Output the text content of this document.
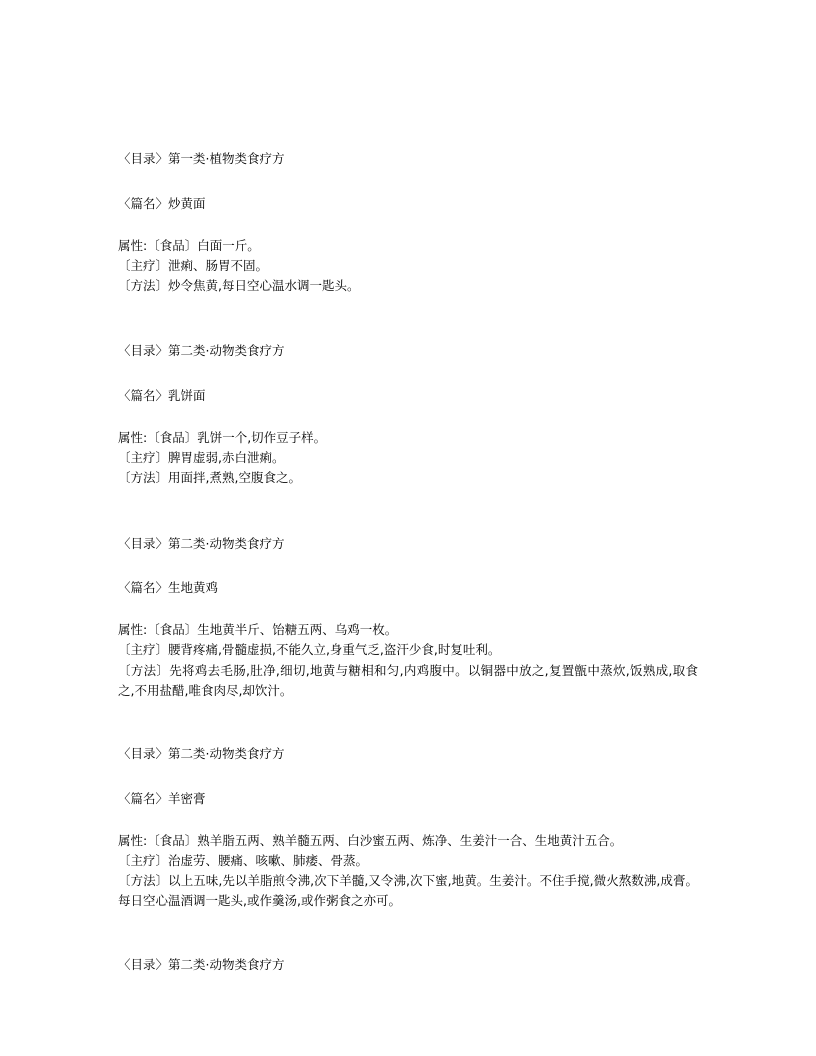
〈目录〉第一类·植物类食疗方
〈篇名〉炒黄面

属性:〔食品〕白面一斤。

〔主疗〕泄痢、肠胃不固。

〔方法〕炒令焦黄,每日空心温水调一匙头。

〈目录〉第二类·动物类食疗方
〈篇名〉乳饼面

属性:〔食品〕乳饼一个,切作豆子样。

〔主疗〕脾胃虚弱,赤白泄痢。

〔方法〕用面拌,煮熟,空腹食之。

〈目录〉第二类·动物类食疗方
〈篇名〉生地黄鸡

属性:〔食品〕生地黄半斤、饴糖五两、乌鸡一枚。

〔主疗〕腰背疼痛,骨髓虚损,不能久立,身重气乏,盗汗少食,时复吐利。

〔方法〕先将鸡去毛肠,肚净,细切,地黄与糖相和匀,内鸡腹中。以铜器中放之,复置甑中蒸炊,饭熟成,取食之,不用盐醋,唯食肉尽,却饮汁。

〈目录〉第二类·动物类食疗方
〈篇名〉羊密膏

属性:〔食品〕熟羊脂五两、熟羊髓五两、白沙蜜五两、炼净、生姜汁一合、生地黄汁五合。

〔主疗〕治虚劳、腰痛、咳嗽、肺痿、骨蒸。

〔方法〕以上五味,先以羊脂煎令沸,次下羊髓,又令沸,次下蜜,地黄。生姜汁。不住手搅,微火熬数沸,成膏。每日空心温酒调一匙头,或作羹汤,或作粥食之亦可。

〈目录〉第二类·动物类食疗方
